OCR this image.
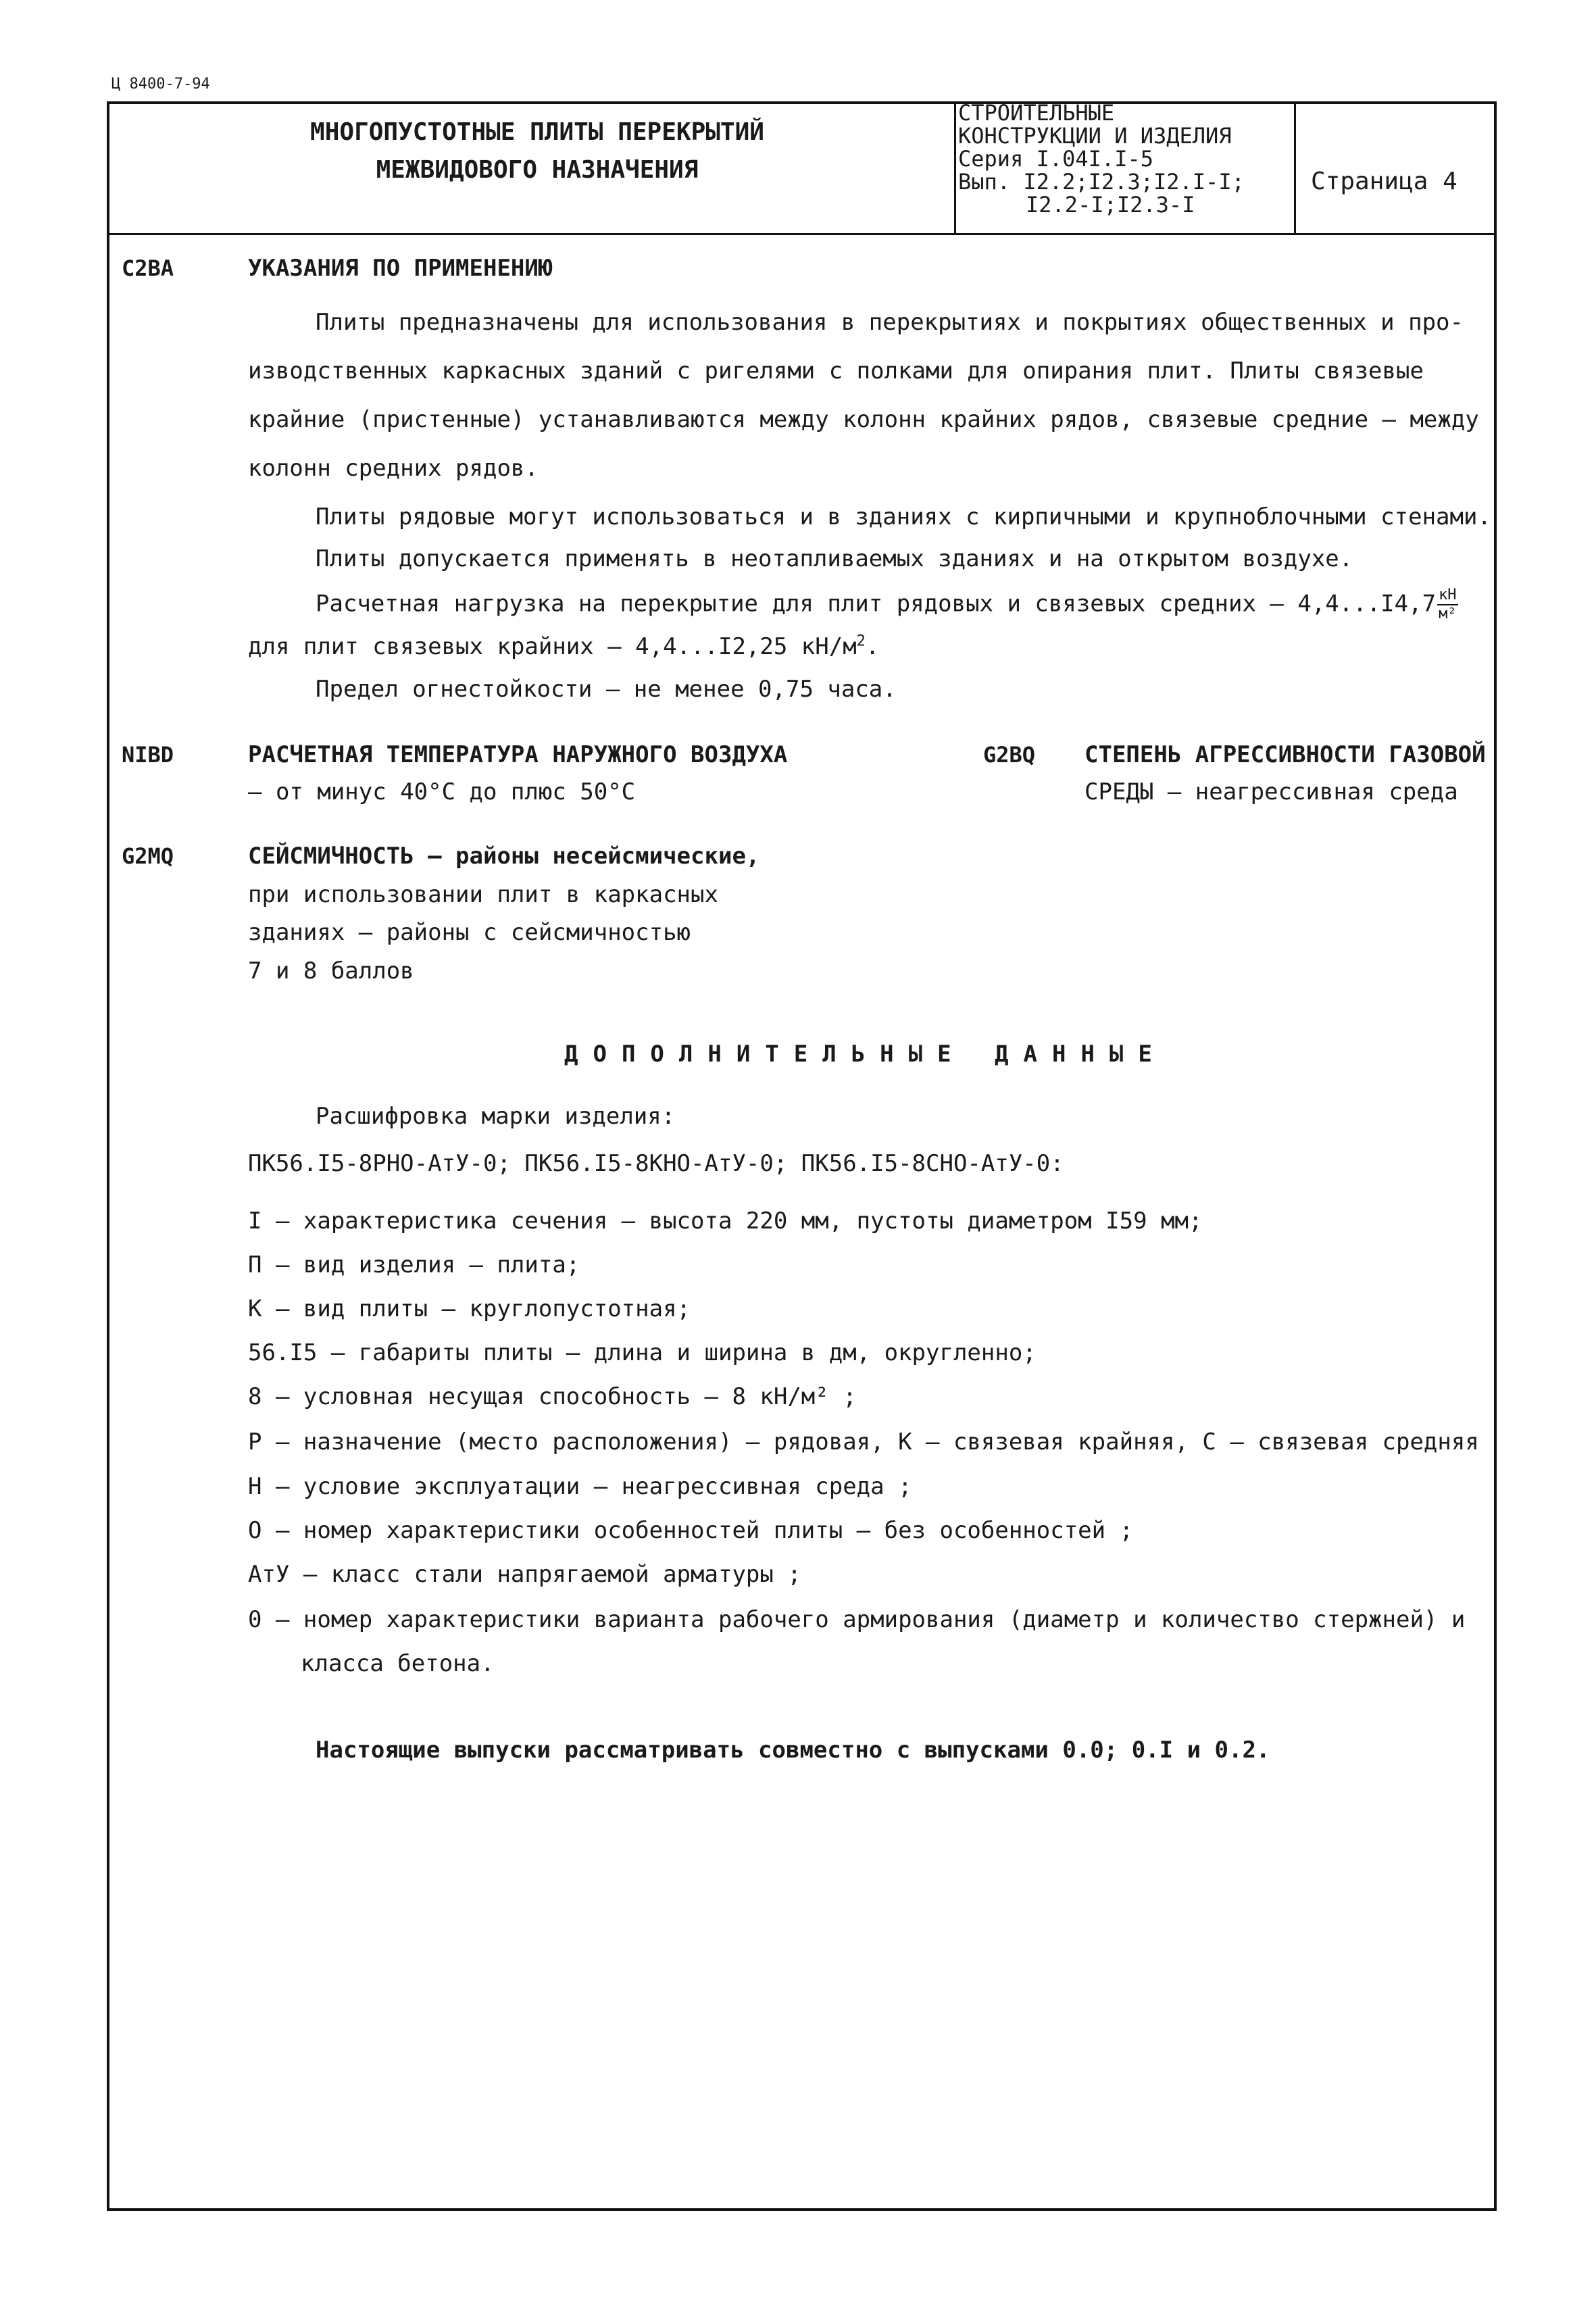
Ц 8400-7-94
МНОГОПУСТОТНЫЕ ПЛИТЫ ПЕРЕКРЫТИЙ
МЕЖВИДОВОГО НАЗНАЧЕНИЯ
СТРОИТЕЛЬНЫЕ
КОНСТРУКЦИИ И ИЗДЕЛИЯ
Серия I.04I.I-5
Вып. I2.2;I2.3;I2.I-I;
I2.2-I;I2.3-I
Страница 4
C2BA	УКАЗАНИЯ ПО ПРИМЕНЕНИЮ
Плиты предназначены для использования в перекрытиях и покрытиях общественных и про-
изводственных каркасных зданий с ригелями с полками для опирания плит. Плиты связевые
крайние (пристенные) устанавливаются между колонн крайних рядов, связевые средние – между
колонн средних рядов.
Плиты рядовые могут использоваться и в зданиях с кирпичными и крупноблочными стенами.
Плиты допускается применять в неотапливаемых зданиях и на открытом воздухе.
Расчетная нагрузка на перекрытие для плит рядовых и связевых средних – $4,4...I4,7 \frac{кН}{\text{м²}}$
для плит связевых крайних – 4,4...I2,25 $кН/м^2$.
Предел огнестойкости – не менее 0,75 часа.
NIBD	РАСЧЕТНАЯ ТЕМПЕРАТУРА НАРУЖНОГО ВОЗДУХА
– от минус 40°С до плюс 50°С
G2BQ СТЕПЕНЬ АГРЕССИВНОСТИ ГАЗОВОЙ
СРЕДЫ – неагрессивная среда
G2MQ	СЕЙСМИЧНОСТЬ – районы несейсмические,
при использовании плит в каркасных
зданиях – районы с сейсмичностью
7 и 8 баллов
ДОПОЛНИТЕЛЬНЫЕ ДАННЫЕ
Расшифровка марки изделия:
ПК56.I5-8РНО-АтУ-0; ПК56.I5-8КНО-АтУ-0; ПК56.I5-8СНО-АтУ-0:
I – характеристика сечения – высота 220 мм, пустоты диаметром I59 мм;
П – вид изделия – плита;
К – вид плиты – круглопустотная;
56.I5 – габариты плиты – длина и ширина в дм, округленно;
8 – условная несущая способность – 8 кН/м² ;
Р – назначение (место расположения) – рядовая, К – связевая крайняя, С – связевая средняя
Н – условие эксплуатации – неагрессивная среда ;
О – номер характеристики особенностей плиты – без особенностей ;
АтУ – класс стали напрягаемой арматуры ;
0 – номер характеристики варианта рабочего армирования (диаметр и количество стержней) и
класса бетона.
Настоящие выпуски рассматривать совместно с выпусками 0.0; 0.I и 0.2.
